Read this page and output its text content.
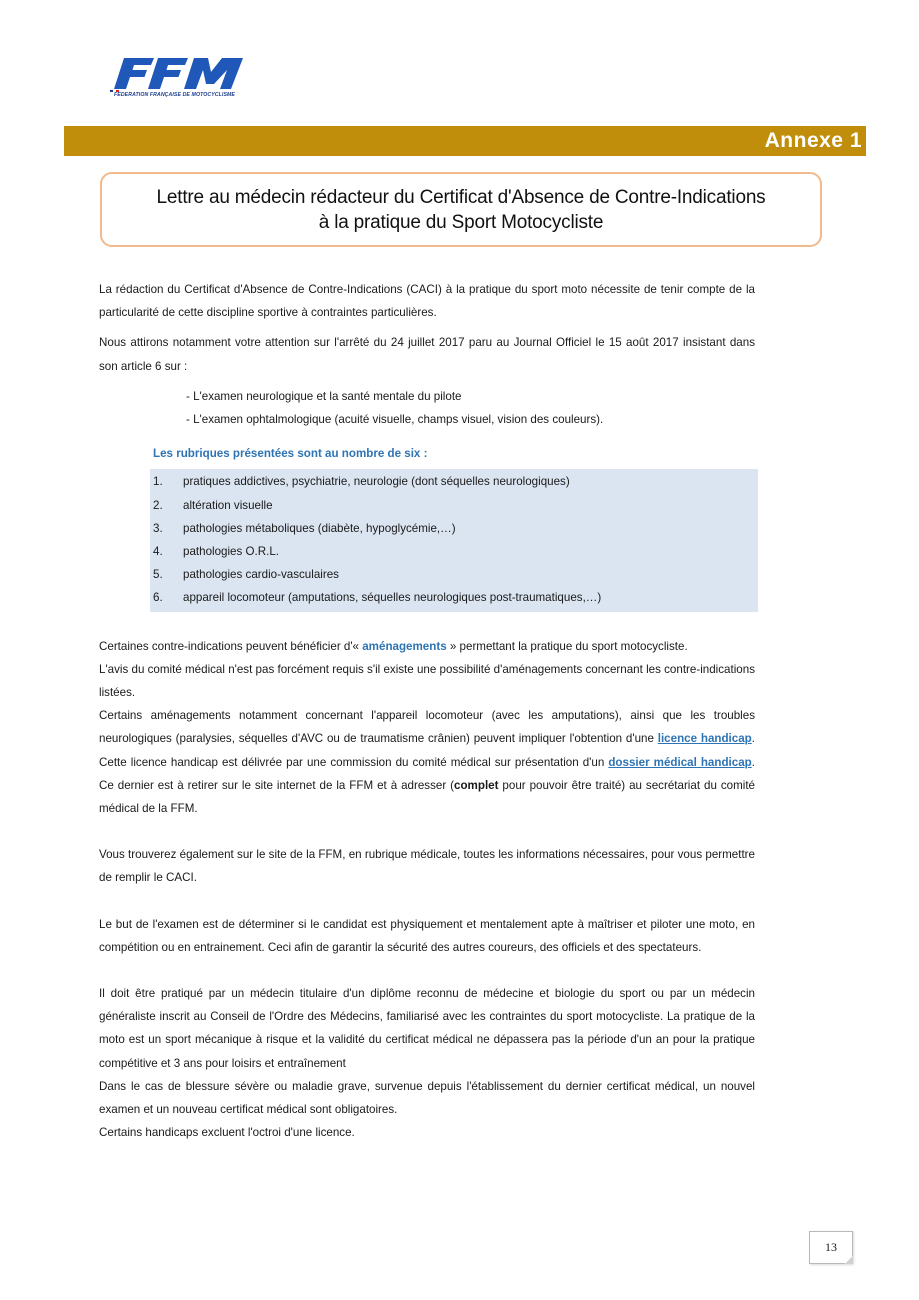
FEDERATION FRANÇAISE DE MOTOCYCLISME
Annexe 1
Lettre au médecin rédacteur du Certificat d'Absence de Contre-Indications
à la pratique du Sport Motocycliste

La rédaction du Certificat d'Absence de Contre-Indications (CACI) à la pratique du sport moto nécessite de tenir compte de la particularité de cette discipline sportive à contraintes particulières.

Nous attirons notamment votre attention sur l'arrêté du 24 juillet 2017 paru au Journal Officiel le 15 août 2017 insistant dans son article 6 sur :

- L'examen neurologique et la santé mentale du pilote
- L'examen ophtalmologique (acuité visuelle, champs visuel, vision des couleurs).
Les rubriques présentées sont au nombre de six :
1.	pratiques addictives, psychiatrie, neurologie (dont séquelles neurologiques)
2.	altération visuelle
3.	pathologies métaboliques (diabète, hypoglycémie,…)
4.	pathologies O.R.L.
5.	pathologies cardio-vasculaires
6.	appareil locomoteur (amputations, séquelles neurologiques post-traumatiques,…)

Certaines contre-indications peuvent bénéficier d'« aménagements » permettant la pratique du sport motocycliste.

L'avis du comité médical n'est pas forcément requis s'il existe une possibilité d'aménagements concernant les contre-indications listées.

Certains aménagements notamment concernant l'appareil locomoteur (avec les amputations), ainsi que les troubles neurologiques (paralysies, séquelles d'AVC ou de traumatisme crânien) peuvent impliquer l'obtention d'une licence handicap. Cette licence handicap est délivrée par une commission du comité médical sur présentation d'un dossier médical handicap. Ce dernier est à retirer sur le site internet de la FFM et à adresser (complet pour pouvoir être traité) au secrétariat du comité médical de la FFM.

Vous trouverez également sur le site de la FFM, en rubrique médicale, toutes les informations nécessaires, pour vous permettre de remplir le CACI.

Le but de l'examen est de déterminer si le candidat est physiquement et mentalement apte à maîtriser et piloter une moto, en compétition ou en entrainement. Ceci afin de garantir la sécurité des autres coureurs, des officiels et des spectateurs.

Il doit être pratiqué par un médecin titulaire d'un diplôme reconnu de médecine et biologie du sport ou par un médecin généraliste inscrit au Conseil de l'Ordre des Médecins, familiarisé avec les contraintes du sport motocycliste. La pratique de la moto est un sport mécanique à risque et la validité du certificat médical ne dépassera pas la période d'un an pour la pratique compétitive et 3 ans pour loisirs et entraînement

Dans le cas de blessure sévère ou maladie grave, survenue depuis l'établissement du dernier certificat médical, un nouvel examen et un nouveau certificat médical sont obligatoires.

Certains handicaps excluent l'octroi d'une licence.

13
